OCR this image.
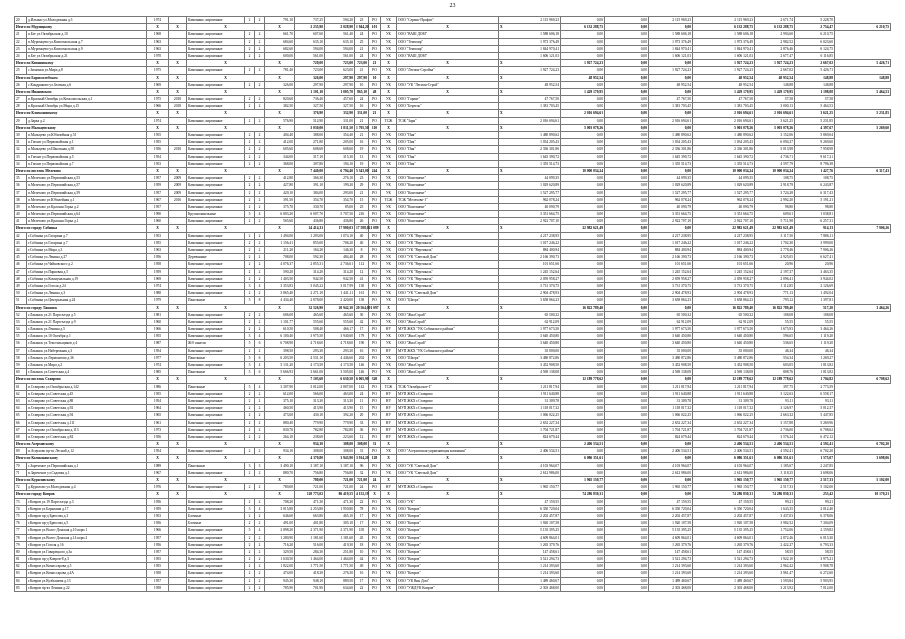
23
20	д.Ильино ул.Молодежная д.3	1974		Каменные, кирпичные	2	2	791,10	737,25	594,20	23	РО	УК	ООО "Сервис-Профит"	2 115 969,23	0,00	0,00	2 115 969,23	2 115 969,23	2 671,74	5 228,70	
Итого по Мурзицкому		X	X	X			X	2 235,90	2 028,90	1 944,20	101	X	X	X	6 132 288,75	0,00	0,00	6 132 288,75	6 132 288,75	2 754,47	6 210,75
21	п.Бег ул.Октябрьская д.10	1968		Каменные, кирпичные	2	2	661,70	607,60	561,40	24	РО	УК	ООО "ВАШ ДОМ"	1 588 606,18	0,00	0,00	1 588 606,18	1 588 606,18	2 994,60	6 210,75	
22	п.Муромцево ул.Комсомольская д.7	1963		Каменные, кирпичные	2	2	684,60	635,10	635,10	25	РО	УК	ООО "Темпоир"	1 973 376,49	0,00	0,00	1 973 376,49	1 973 376,49	2 982,52	6 023,60	
23	п.Муромцево ул.Комсомольская д.9	1963		Каменные, кирпичные	2	2	682,60	594,00	594,00	21	РО	УК	ООО "Темпоир"	1 844 970,41	0,00	0,00	1 844 970,41	1 844 970,41	2 876,46	6 124,75	
24	п.Бег ул.Октябрьская д.21	1970		Каменные, кирпичные	2	2	600,00	561,00	561,00	24	РО	УК	ООО "ВАШ ДОМ"	1 606 121,03	0,00	0,00	1 606 121,03	1 606 121,03	2 677,47	6 116,85	
Итого по Копнинскому		X	X	X			X	720,00	723,00	723,00	21	X	X	X	1 927 724,23	0,00	0,00	1 927 724,23	1 927 724,23	2 667,02	5 426,71
25	с.Зименки ул.Мира д.8	1975		Каменные, кирпичные	2	2	781,40	723,00	623,00	21	РО	УК	ООО "Легион-Стройка"	1 927 724,23	0,00	0,00	1 927 724,23	1 927 724,23	2 667,02	5 426,71	
Итого по Борисоглебском		X	X	X			X	326,00	297,90	297,90	10	X	X	X	48 952,54	0,00	0,00	48 952,54	48 952,54	148,88	148,88
26	с.Кондряково ул.Зеленая д.6	1969		Каменные, кирпичные	2	2	326,00	297,90	297,90	10	РО	УК	ООО "УК "Легион-Строй"	48 952,54	0,00	0,00	48 952,54	48 952,54	148,88	148,88	
Итого по Ивановском		X	X	X			X	1 101,10	1 005,70	865,10	48	X	X	X	1 429 170,95	0,00	0,00	1 429 170,95	1 429 170,95	1 198,08	5 464,53
27	п.Красный Октябрь ул.Комсомольская д.1	1975	2018	Каменные, кирпичные	2	2	820,60	736,40	457,60	24	РО	УК	ООО "Гарант"	47 767,50	0,00	0,00	47 767,50	47 767,50	57,58	57,58	
28	п.Красный Октябрь ул.Мира д.15	1966	2018	Каменные, кирпичные	2	2	382,50	327,50	327,50	16	РО	УК	ООО "Берегок"	1 381 703,45	0,00	0,00	1 381 703,45	1 381 703,45	3 000,13	5 464,53	
Итого по Клязьминскому		X	X	X			X	376,90	332,90	331,00	21	X	X	X	2 016 694,61	0,00	0,00	2 016 694,61	2 016 694,61	3 621,25	5 231,85
29	д.Зарка д.2	1974		Каменные, кирпичные	2	2	576,90	512,90	331,00	21	РО	ТСЖ	ТСЖ "Заря"	2 016 694,61	0,00	0,00	2 016 694,61	2 016 694,61	3 621,25	5 231,85	
Итого по Мальцевскому		X	X	X			X	3 030,00	1 811,50	1 705,50	110	X	X	X	5 003 078,26	0,00	0,00	5 003 078,26	5 003 078,26	4 397,67	5 269,60
30	п.Мальцево ул.Юбилейная д.51	1955		Каменные, кирпичные	2	2	404,40	388,00	354,40	21	РО	УК	ООО "Пик"	1 480 890,62	0,00	0,00	1 480 890,62	1 480 890,62	3 152,06	5 869,04	
31	п.Гигант ул.Первомайская д.1	1955		Каменные, кирпичные	2	2	412,00	271,80	205,00	16	РО	УК	ООО "Пик"	1 034 205,43	0,00	0,00	1 034 205,43	1 034 205,43	6 094,37	9 269,60	
32	п.Мальцево ул.Школьная д.58	1956	2018	Каменные, кирпичные	2	2	605,60	608,60	608,60	19	РО	УК	ООО "Пик"	2 336 301,86	0,00	0,00	2 336 301,86	2 336 301,86	5 013,98	7 958,98	
33	п.Гигант ул.Первомайская д.5	1954		Каменные, кирпичные	2	2	344,00	317,10	315,30	13	РО	УК	ООО "Пик"	1 645 390,72	0,00	0,00	1 645 390,72	1 645 390,72	4 736,71	9 617,21	
34	п.Гигант ул.Первомайская д.7	1953		Каменные, кирпичные	2	2	368,00	307,80	194,10	19	РО	УК	ООО "Пик"	1 355 514,73	0,00	0,00	1 355 514,73	1 355 514,73	4 597,79	8 796,38	
Итого по поселок Мелехово		X	X	X			X	7 440,00	6 794,40	5 343,00	244	X	X	X	10 000 034,24	0,00	0,00	10 000 034,24	10 000 034,24	1 427,76	6 317,43
35	п.Мелехово ул.Первомайская д.53	1957	2009	Каменные, кирпичные	2	2	412,80	366,30	276,10	23	РО	УК	ООО "Континент"	44 099,35	0,00	0,00	44 099,35	44 099,35	108,75	108,75	
36	п.Мелехово ул.Первомайская д.57	1959	2009	Каменные, кирпичные	2	2	427,80	391,10	199,20	29	РО	УК	ООО "Континент"	1 029 620,89	0,00	0,00	1 029 620,89	1 029 620,89	2 918,79	6 243,87	
37	п.Мелехово ул.Первомайская д.59	1957	2009	Каменные, кирпичные	2	2	420,10	384,00	293,00	21	РО	УК	ООО "Континент"	1 527 295,77	0,00	0,00	1 527 295,77	1 527 295,77	3 724,28	6 317,43	
38	п.Мелехово ул.Юбилейная д.1	1967	2016	Каменные, кирпичные	2	2	391,50	354,70	354,70	15	РО	ТСЖ	ТСЖ "Мелехово-1"	962 078,24	0,00	0,00	962 078,24	962 078,24	2 992,20	5 191,21	
39	п.Мелехово ул.Красная Горка д.2	1957		Каменные, кирпичные	2	2	375,70	330,70	85,00	25	РО	УК	ООО "Континент"	40 090,79	0,00	0,00	40 090,79	40 090,79	98,80	98,80	
40	п.Мелехово ул.Первомайская д.64	1990		Крупнопанельные	5	4	6 803,20	6 007,70	5 707,50	216	РО	УК	ООО "Континент"	3 351 664,75	0,00	0,00	3 351 664,75	3 351 664,75	609,61	1 038,81	
41	п.Мелехово ул.Красная Горка д.1	1960		Каменные, кирпичные	2	2	565,60	436,80	436,80	26	РО	УК	ООО "Континент"	2 922 707,10	0,00	0,00	2 922 707,10	2 922 707,10	5 711,98	6 257,31	
Итого по городу Собинка		X	X	X			X	24 414,33	17 900,03	17 588,02	1 089	X	X	X	22 982 621,49	0,00	0,00	22 982 621,49	22 982 621,49	914,13	7 906,26
42	г.Собинка ул.Гагарина д.7	1953		Каменные, кирпичные	2	2	1 494,00	1 293,00	1 074,10	40	РО	УК	ООО "УК "Вертикаль"	4 217 238,95	0,00	0,00	4 217 238,95	4 217 238,95	3 117,50	7 886,11	
43	г.Собинка ул.Гагарина д.7	1955		Каменные, кирпичные	2	2	1 156,41	855,00	706,20	40	РО	УК	ООО "УК "Вертикаль"	1 017 246,22	0,00	0,00	1 017 246,22	1 017 246,22	1 702,30	3 999,00	
44	г.Собинка ул.Мира д.3	1963		Каменные, кирпичные	2	2	211,20	164,20	146,30	8	РО	УК	ООО "УК "Вертикаль"	884 400,94	0,00	0,00	884 400,94	884 400,94	2 778,46	7 906,26	
45	г.Собинка ул.Ленина д.27	1956		Деревянные	2	2	708,00	592,30	484,40	28	РО	УК	ООО "УК "Светлый Дом"	2 166 390,73	0,00	0,00	2 166 390,73	2 166 390,73	2 925,05	6 627,41	
46	г.Собинка ул.Чайковского д.2	1958		Каменные, кирпичные	2	2	4 076,37	2 855,31	2 736,61	112	РО	УК	ООО "УК "Вертикаль"	101 651,66	0,00	0,00	101 651,66	101 651,66	20,96	20,96	
47	г.Собинка ул.Парковая д.5	1959		Каменные, кирпичные	2	2	590,20	314,20	314,20	12	РО	УК	ООО "УК "Вертикаль"	1 245 152,64	0,00	0,00	1 245 152,64	1 245 152,64	2 197,37	3 463,35	
48	г.Собинка ул.Коммунальная д.19	1969		Каменные, кирпичные	2	2	1 403,50	942,50	942,50	41	РО	УК	ООО "УК "Вертикаль"	2 059 958,27	0,00	0,00	2 059 958,27	2 059 958,27	2 096,41	3 944,02	
49	г.Собинка ул.Гоголя д.24	1974		Каменные, кирпичные	3	4	3 353,83	3 045,22	3 017,99	130	РО	УК	ООО "УК "Вертикаль"	3 731 370,75	0,00	0,00	3 731 370,75	3 731 370,75	1 112,85	2 126,69	
50	г.Собинка ул.Ленина д.3	1988		Каменные, кирпичные	2	2	3 865,40	2 271,10	1 441,11	161	РО	УК	ООО "УК "Светлый Дом"	2 904 478,93	0,00	0,00	2 904 478,93	2 904 478,93	771,13	1 492,04	
51	г.Собинка ул.Центральная д.24	1979		Панельные	5	8	4 434,40	2 878,00	2 420,00	158	РО	УК	ООО "Шатра"	3 658 864,23	0,00	0,00	3 658 864,23	3 658 864,23	793,12	1 397,81	
Итого по городу Лакинск		X	X	X			X	32 526,90	20 942,30	20 564,00	1 097	X	X	X	16 822 789,40	0,00	0,00	16 822 789,40	16 822 789,40	517,20	3 464,26
52	г.Лакинск ул.21 Партсъезда д.5	1981		Каменные, кирпичные	2	2	606,00	465,60	465,60	30	РО	УК	ООО "ЖилСтрой"	65 500,32	0,00	0,00	65 500,32	65 500,32	108,08	108,08	
53	г.Лакинск ул.21 Партсъезда д.9	1960		Каменные, кирпичные	2	2	1 101,77	555,60	555,60	42	РО	УК	ООО "ЖилСтрой"	62 912,09	0,00	0,00	62 912,09	62 912,09	55,55	55,55	
54	г.Лакинск ул.Ленина д.5	1966		Каменные, кирпичные	2	2	610,50	508,40	466,17	17	РО	НУ	МУП ЖКХ "УК Собинского района"	1 977 673,50	0,00	0,00	1 977 673,50	1 977 673,50	1 675,93	3 464,26	
55	г.Лакинск ул.10 Октября д.1	1955		Каменные, кирпичные	3	4	6 100,40	3 975,50	3 940,60	179	РО	УК	ООО "ЖилСтрой"	3 640 450,80	0,00	0,00	3 640 450,80	3 640 450,80	596,65	1 119,20	
56	г.Лакинск ул.Текстильщиков д.4	1987		Ж/б панели	5	6	6 708,90	4 718,60	4 718,60	190	РО	УК	ООО "ЖилСтрой"	3 640 450,80	0,00	0,00	3 640 450,80	3 640 450,80	536,65	1 119,20	
57	г.Лакинск ул.Набережная д.3	1954		Каменные, кирпичные	2	2	398,50	293,30	293,30	16	РО	НУ	МУП ЖКХ "УК Собинского района"	35 000,00	0,00	0,00	35 000,00	35 000,00	46,34	46,34	
58	г.Лакинск ул.Лермонтова д.36	1977		Панельные	5	6	6 203,50	4 531,10	4 446,60	202	РО	УК	ООО "Шатра"	3 480 872,86	0,00	0,00	3 480 872,86	3 480 872,86	554,34	1 269,27	
59	г.Лакинск ул.Мира д.2	1974		Каменные, кирпичные	3	4	5 131,20	4 173,50	4 173,50	146	РО	УК	ООО "ЖилСтрой"	3 452 908,50	0,00	0,00	3 452 908,50	3 452 908,50	603,05	1 813,82	
60	г.Лакинск ул.Советская д.4	1985		Панельные	5	6	5 666,93	3 661,00	3 505,00	146	РО	УК	ООО "ЖилСтрой"	4 569 138,08	0,00	0,00	4 569 138,08	4 569 138,08	808,76	1 813,82	
Итого по поселок Ставрово		X	X	X			X	7 103,60	6 630,50	6 065,90	320	X	X	X	12 189 778,62	0,00	0,00	12 189 778,62	12 189 778,62	1 704,82	6 708,62
61	п.Ставрово ул.Октябрьская д.142	1986		Панельные	5	4	3 307,90	3 012,00	2 807,00	142	РО	ТСЖ	ТСЖ "Октябрьское-1"	1 211 817,94	0,00	0,00	1 211 817,94	1 211 817,94	397,75	2 773,59	
62	п.Ставрово ул.Советская д.45	1955		Каменные, кирпичные	2	2	612,00	566,00	463,00	24	РО	НУ	МУП ЖКХ г.Ставрово	1 911 640,88	0,00	0,00	1 911 640,88	1 911 640,88	3 122,63	6 558,17	
63	п.Ставрово ул.Советская д.88	1954		Каменные, кирпичные	2	2	375,10	313,30	313,30	11	РО	НУ	МУП ЖКХ г.Ставрово	31 309,78	0,00	0,00	31 309,78	31 309,78	93,11	93,11	
64	п.Ставрово ул.Советская д.92	1964		Каменные, кирпичные	2	2	460,50	413,90	413,90	15	РО	НУ	МУП ЖКХ г.Ставрово	1 118 017,32	0,00	0,00	1 118 017,32	1 118 017,32	3 126,97	5 012,37	
65	п.Ставрово ул.Советская д.94	1965		Каменные, кирпичные	2	2	473,00	430,10	392,20	20	РО	НУ	МУП ЖКХ г.Ставрово	1 066 022,25	0,00	0,00	1 066 022,25	1 066 022,25	2 663,32	5 447,85	
66	п.Ставрово ул.Советская д.111	1961		Каменные, кирпичные	2	2	880,40	779,90	779,90	33	РО	НУ	МУП ЖКХ г.Ставрово	2 652 227,34	0,00	0,00	2 652 227,34	2 652 227,34	3 157,88	5 269,96	
67	п.Ставрово ул.Октябрьская д.113	1973		Каменные, кирпичные	2	2	830,70	782,80	782,80	36	РО	НУ	МУП ЖКХ г.Ставрово	1 704 721,87	0,00	0,00	1 704 721,87	1 704 721,87	2 736,00	6 708,62	
68	п.Ставрово ул.Советская д.84	1956		Каменные, кирпичные	2	2	264,10	238,60	223,60	12	РО	НУ	МУП ЖКХ г.Ставрово	824 679,44	0,00	0,00	824 679,44	824 679,44	3 576,24	6 472,12	
Итого по Асерховскому		X	X	X			X	934,10	308,00	308,00	31	X	X	X	2 406 534,51	0,00	0,00	2 406 534,51	2 406 534,51	4 592,41	6 702,20
69	п.Асерхово пр-кт Лесной д.12	1954		Каменные, кирпичные	2	2	934,10	308,00	308,00	31	РО	УК	ООО "Асерховская управляющая компания"	2 406 534,51	0,00	0,00	2 406 534,51	2 406 534,51	4 592,41	6 702,20	
Итого по Колокшанскому		X	X	X			X	4 370,80	3 943,90	3 914,20	128	X	X	X	6 086 351,61	0,00	0,00	6 086 351,61	6 086 351,61	1 575,07	3 698,06
70	с.Зареченое ул.Первомайская д.1	1989		Панельные	3	3	3 490,10	3 187,10	3 187,10	96	РО	УК	ООО "УК "Светлый Дом"	4 103 964,07	0,00	0,00	4 103 964,07	4 103 964,07	1 185,67	2 247,85	
71	п.Зареченое ул.Садовая д.1	1967		Каменные, кирпичные	2	2	880,70	756,80	756,80	32	РО	УК	ООО "УК "Светлый Дом"	2 612 986,00	0,00	0,00	2 612 986,00	2 612 986,00	3 118,35	3 698,06	
Итого по Куриловскому		X	X	X			X	780,00	721,00	721,00	24	X	X	X	1 965 150,77	0,00	0,00	1 965 150,77	1 965 150,77	2 517,33	5 102,00
72	д.Курилово ул.Молодежная д.4	1976		Каменные, кирпичные	2	2	780,00	721,00	721,00	24	РО	НУ	МУП ЖКХ г.Ставрово	1 965 150,77	0,00	0,00	1 965 150,77	1 965 150,77	2 517,33	5 102,00	
Итого по городу Ковров		X	X	X			X	120 773,02	86 419,55	4 152,19	X	X	X	X	74 286 830,31	0,00	0,00	74 286 830,31	74 286 830,31	253,42	10 170,21
73	г.Ковров ул.19 Партсъезда д.3	1956		Каменные, кирпичные	2	2	708,20	471,30	471,30	22	РО	УК	ООО "УК"	47 159,55	0,00	0,00	47 159,55	47 159,55	99,21	99,21	
74	г.Ковров ул.Барыкина д.17	1959		Каменные, кирпичные	3	4	3 015,80	2 253,80	1 950,80	78	РО	УК	ООО "Ковров"	6 350 720,04	0,00	0,00	6 350 720,04	6 350 720,04	1 643,35	2 012,40	
75	г.Ковров пр-д Брюсова д.3	1953		Блочные	2	2	646,60	663,80	465,10	17	РО	УК	ООО "Ковров"	2 202 457,87	0,00	0,00	2 202 457,87	2 202 457,87	3 437,03	6 378,06	
76	г.Ковров пр-д Брюсова д.5	1956		Блочные	2	2	491,00	401,80	305,10	17	РО	УК	ООО "Ковров"	1 920 107,58	0,00	0,00	1 920 107,58	1 920 107,58	3 982,52	7 304,09	
77	г.Ковров ул.Волго-Донская д.10 корп.1	1966		Каменные, кирпичные	5	4	2 898,20	2 371,90	2 371,90	105	РО	УК	ООО "Ковров"	5 135 395,25	0,00	0,00	5 135 395,25	5 135 395,25	1 752,06	2 159,82	
78	г.Ковров ул.Волго-Донская д.14 корп.2	1957		Каменные, кирпичные	2	2	1 280,90	1 181,60	1 181,60	45	РО	УК	ООО "Ковров"	4 609 864,01	0,00	0,00	4 609 864,01	4 609 864,01	2 872,46	6 013,30	
79	г.Ковров ул.Гоголя д.16	1956		Каменные, кирпичные	2	2	716,20	516,00	419,30	18	РО	УК	ООО "Ковров"	1 265 379,76	0,00	0,00	1 265 379,76	1 265 379,76	2 422,27	6 793,33	
80	г.Ковров ул.Гаварецкого д.3а	1957		Каменные, кирпичные	2	2	329,50	284,30	251,80	10	РО	УК	ООО "Ковров"	147 458,61	0,00	0,00	147 458,61	147 458,61	58,55	58,55	
81	г.Ковров пр-д Ковров-8 д.3	1955		Каменные, кирпичные	2	2	1 630,50	1 464,00	1 464,00	42	РО	УК	ООО "Ковров"	3 521 294,73	0,00	0,00	3 521 294,73	3 521 294,73	1 922,10	3 975,21	
82	г.Ковров ул.Комиссарова д.5	1955		Каменные, кирпичные	2	2	1 822,00	1 771,50	1 771,50	49	РО	УК	ООО "Ковров"	1 214 393,60	0,00	0,00	1 214 393,60	1 214 393,60	2 962,42	5 908,78	
83	г.Ковров ул.Комиссарова д.4А	1958		Каменные, кирпичные	2	2	474,00	418,30	276,30	16	РО	УК	ООО "Ковров"	1 214 393,60	0,00	0,00	1 214 393,60	1 214 393,60	3 961,47	6 272,60	
84	г.Ковров ул.Кузбышева д.13	1957		Каменные, кирпичные	2	2	945,30	948,10	889,50	17	РО	УК	ООО "УК Вин Дом"	1 489 460,67	0,00	0,00	1 489 460,67	1 489 460,67	1 593,84	5 903,95	
85	г.Ковров пр-кт Ленина д.22	1958		Каменные, кирпичные	2	2	785,90	701,90	634,60	22	РО	УК	ООО "УЖДУК Ковров"	2 303 468,00	0,00	0,00	2 303 468,00	2 303 468,00	3 213,92	7 012,00	
